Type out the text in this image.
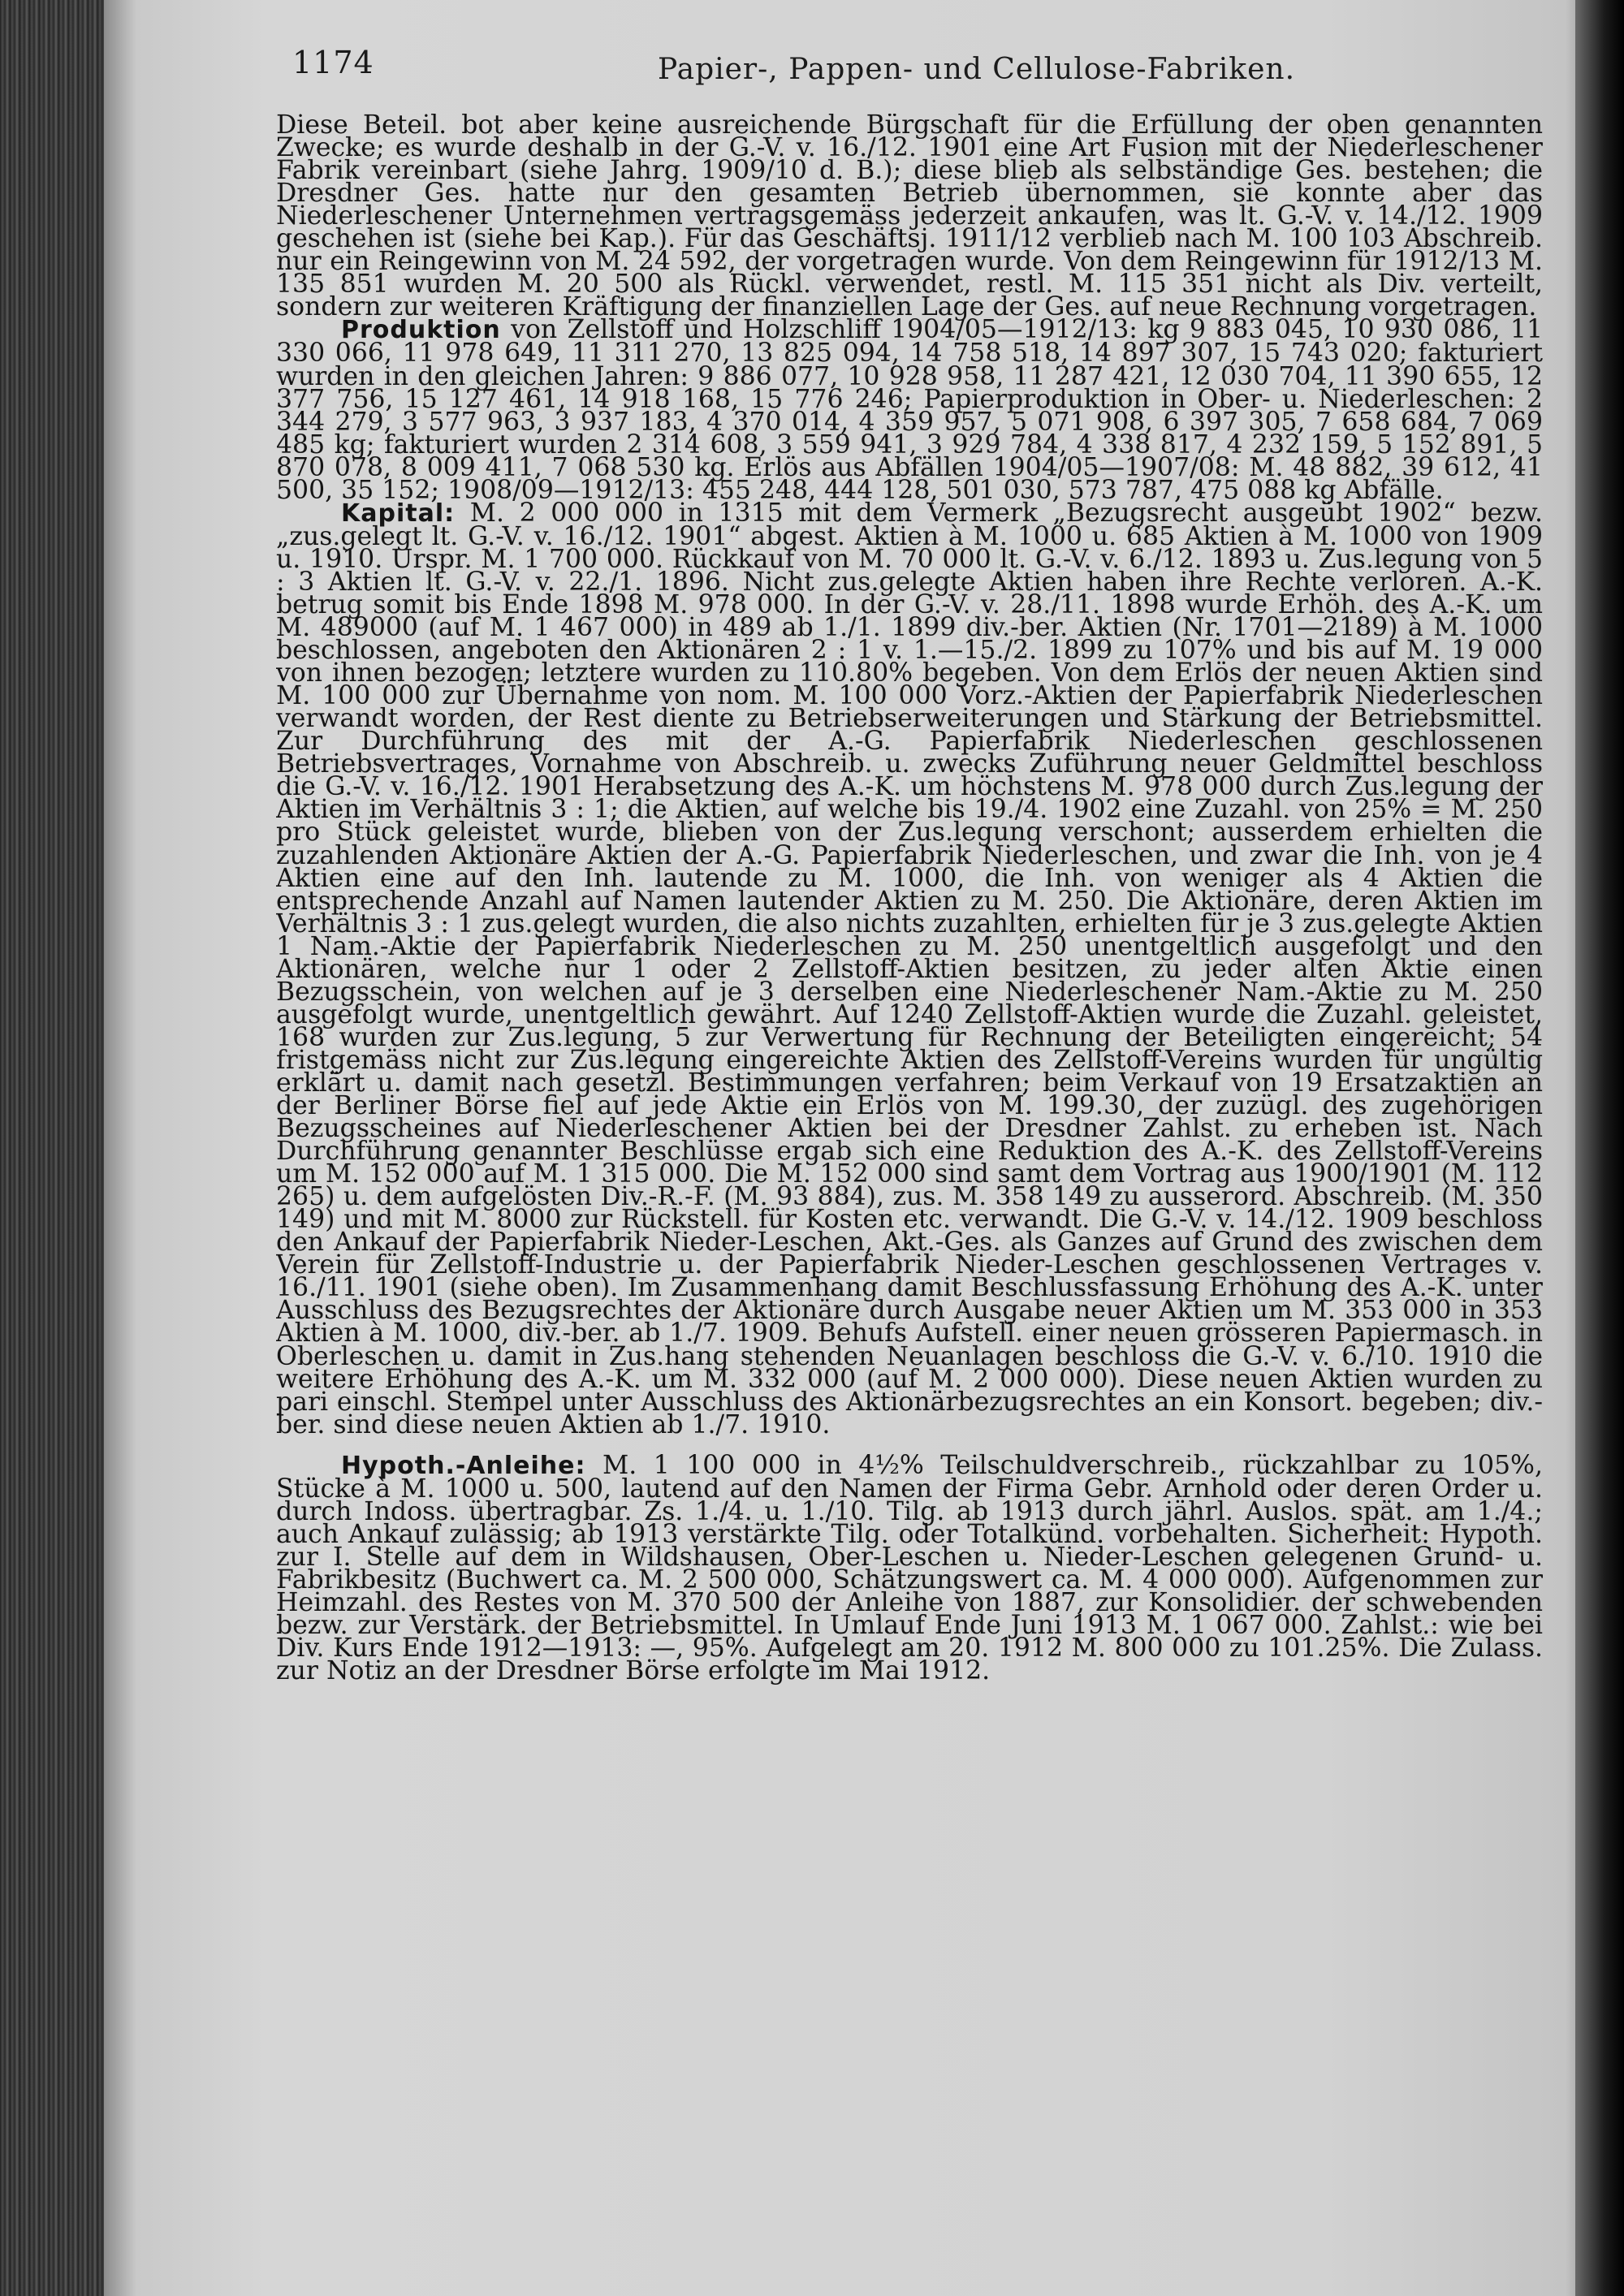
1174	Papier-, Pappen- und Cellulose-Fabriken.

Diese Beteil. bot aber keine ausreichende Bürgschaft für die Erfüllung der oben genannten Zwecke; es wurde deshalb in der G.-V. v. 16./12. 1901 eine Art Fusion mit der Niederleschener Fabrik vereinbart (siehe Jahrg. 1909/10 d. B.); diese blieb als selbständige Ges. bestehen; die Dresdner Ges. hatte nur den gesamten Betrieb übernommen, sie konnte aber das Niederleschener Unternehmen vertragsgemäss jederzeit ankaufen, was lt. G.-V. v. 14./12. 1909 geschehen ist (siehe bei Kap.). Für das Geschäftsj. 1911/12 verblieb nach M. 100 103 Abschreib. nur ein Reingewinn von M. 24 592, der vorgetragen wurde. Von dem Reingewinn für 1912/13 M. 135 851 wurden M. 20 500 als Rückl. verwendet, restl. M. 115 351 nicht als Div. verteilt, sondern zur weiteren Kräftigung der finanziellen Lage der Ges. auf neue Rechnung vorgetragen.

Produktion von Zellstoff und Holzschliff 1904/05—1912/13: kg 9 883 045, 10 930 086, 11 330 066, 11 978 649, 11 311 270, 13 825 094, 14 758 518, 14 897 307, 15 743 020; fakturiert wurden in den gleichen Jahren: 9 886 077, 10 928 958, 11 287 421, 12 030 704, 11 390 655, 12 377 756, 15 127 461, 14 918 168, 15 776 246; Papierproduktion in Ober- u. Niederleschen: 2 344 279, 3 577 963, 3 937 183, 4 370 014, 4 359 957, 5 071 908, 6 397 305, 7 658 684, 7 069 485 kg; fakturiert wurden 2 314 608, 3 559 941, 3 929 784, 4 338 817, 4 232 159, 5 152 891, 5 870 078, 8 009 411, 7 068 530 kg. Erlös aus Abfällen 1904/05—1907/08: M. 48 882, 39 612, 41 500, 35 152; 1908/09—1912/13: 455 248, 444 128, 501 030, 573 787, 475 088 kg Abfälle.

Kapital: M. 2 000 000 in 1315 mit dem Vermerk „Bezugsrecht ausgeübt 1902“ bezw. „zus.gelegt lt. G.-V. v. 16./12. 1901“ abgest. Aktien à M. 1000 u. 685 Aktien à M. 1000 von 1909 u. 1910. Urspr. M. 1 700 000. Rückkauf von M. 70 000 lt. G.-V. v. 6./12. 1893 u. Zus.legung von 5 : 3 Aktien lt. G.-V. v. 22./1. 1896. Nicht zus.gelegte Aktien haben ihre Rechte verloren. A.-K. betrug somit bis Ende 1898 M. 978 000. In der G.-V. v. 28./11. 1898 wurde Erhöh. des A.-K. um M. 489000 (auf M. 1 467 000) in 489 ab 1./1. 1899 div.-ber. Aktien (Nr. 1701—2189) à M. 1000 beschlossen, angeboten den Aktionären 2 : 1 v. 1.—15./2. 1899 zu 107% und bis auf M. 19 000 von ihnen bezogen; letztere wurden zu 110.80% begeben. Von dem Erlös der neuen Aktien sind M. 100 000 zur Übernahme von nom. M. 100 000 Vorz.-Aktien der Papierfabrik Niederleschen verwandt worden, der Rest diente zu Betriebserweiterungen und Stärkung der Betriebsmittel. Zur Durchführung des mit der A.-G. Papierfabrik Niederleschen geschlossenen Betriebsvertrages, Vornahme von Abschreib. u. zwecks Zuführung neuer Geldmittel beschloss die G.-V. v. 16./12. 1901 Herabsetzung des A.-K. um höchstens M. 978 000 durch Zus.legung der Aktien im Verhältnis 3 : 1; die Aktien, auf welche bis 19./4. 1902 eine Zuzahl. von 25% = M. 250 pro Stück geleistet wurde, blieben von der Zus.legung verschont; ausserdem erhielten die zuzahlenden Aktionäre Aktien der A.-G. Papierfabrik Niederleschen, und zwar die Inh. von je 4 Aktien eine auf den Inh. lautende zu M. 1000, die Inh. von weniger als 4 Aktien die entsprechende Anzahl auf Namen lautender Aktien zu M. 250. Die Aktionäre, deren Aktien im Verhältnis 3 : 1 zus.gelegt wurden, die also nichts zuzahlten, erhielten für je 3 zus.gelegte Aktien 1 Nam.-Aktie der Papierfabrik Niederleschen zu M. 250 unentgeltlich ausgefolgt und den Aktionären, welche nur 1 oder 2 Zellstoff-Aktien besitzen, zu jeder alten Aktie einen Bezugsschein, von welchen auf je 3 derselben eine Niederleschener Nam.-Aktie zu M. 250 ausgefolgt wurde, unentgeltlich gewährt. Auf 1240 Zellstoff-Aktien wurde die Zuzahl. geleistet, 168 wurden zur Zus.legung, 5 zur Verwertung für Rechnung der Beteiligten eingereicht; 54 fristgemäss nicht zur Zus.legung eingereichte Aktien des Zellstoff-Vereins wurden für ungültig erklärt u. damit nach gesetzl. Bestimmungen verfahren; beim Verkauf von 19 Ersatzaktien an der Berliner Börse fiel auf jede Aktie ein Erlös von M. 199.30, der zuzügl. des zugehörigen Bezugsscheines auf Niederleschener Aktien bei der Dresdner Zahlst. zu erheben ist. Nach Durchführung genannter Beschlüsse ergab sich eine Reduktion des A.-K. des Zellstoff-Vereins um M. 152 000 auf M. 1 315 000. Die M. 152 000 sind samt dem Vortrag aus 1900/1901 (M. 112 265) u. dem aufgelösten Div.-R.-F. (M. 93 884), zus. M. 358 149 zu ausserord. Abschreib. (M. 350 149) und mit M. 8000 zur Rückstell. für Kosten etc. verwandt. Die G.-V. v. 14./12. 1909 beschloss den Ankauf der Papierfabrik Nieder-Leschen, Akt.-Ges. als Ganzes auf Grund des zwischen dem Verein für Zellstoff-Industrie u. der Papierfabrik Nieder-Leschen geschlossenen Vertrages v. 16./11. 1901 (siehe oben). Im Zusammenhang damit Beschlussfassung Erhöhung des A.-K. unter Ausschluss des Bezugsrechtes der Aktionäre durch Ausgabe neuer Aktien um M. 353 000 in 353 Aktien à M. 1000, div.-ber. ab 1./7. 1909. Behufs Aufstell. einer neuen grösseren Papiermasch. in Oberleschen u. damit in Zus.hang stehenden Neuanlagen beschloss die G.-V. v. 6./10. 1910 die weitere Erhöhung des A.-K. um M. 332 000 (auf M. 2 000 000). Diese neuen Aktien wurden zu pari einschl. Stempel unter Ausschluss des Aktionärbezugsrechtes an ein Konsort. begeben; div.-ber. sind diese neuen Aktien ab 1./7. 1910.

Hypoth.-Anleihe: M. 1 100 000 in 4½% Teilschuldverschreib., rückzahlbar zu 105%, Stücke à M. 1000 u. 500, lautend auf den Namen der Firma Gebr. Arnhold oder deren Order u. durch Indoss. übertragbar. Zs. 1./4. u. 1./10. Tilg. ab 1913 durch jährl. Auslos. spät. am 1./4.; auch Ankauf zulässig; ab 1913 verstärkte Tilg. oder Totalkünd. vorbehalten. Sicherheit: Hypoth. zur I. Stelle auf dem in Wildshausen, Ober-Leschen u. Nieder-Leschen gelegenen Grund- u. Fabrikbesitz (Buchwert ca. M. 2 500 000, Schätzungswert ca. M. 4 000 000). Aufgenommen zur Heimzahl. des Restes von M. 370 500 der Anleihe von 1887, zur Konsolidier. der schwebenden bezw. zur Verstärk. der Betriebsmittel. In Umlauf Ende Juni 1913 M. 1 067 000. Zahlst.: wie bei Div. Kurs Ende 1912—1913: —, 95%. Aufgelegt am 20. 1912 M. 800 000 zu 101.25%. Die Zulass. zur Notiz an der Dresdner Börse erfolgte im Mai 1912.
